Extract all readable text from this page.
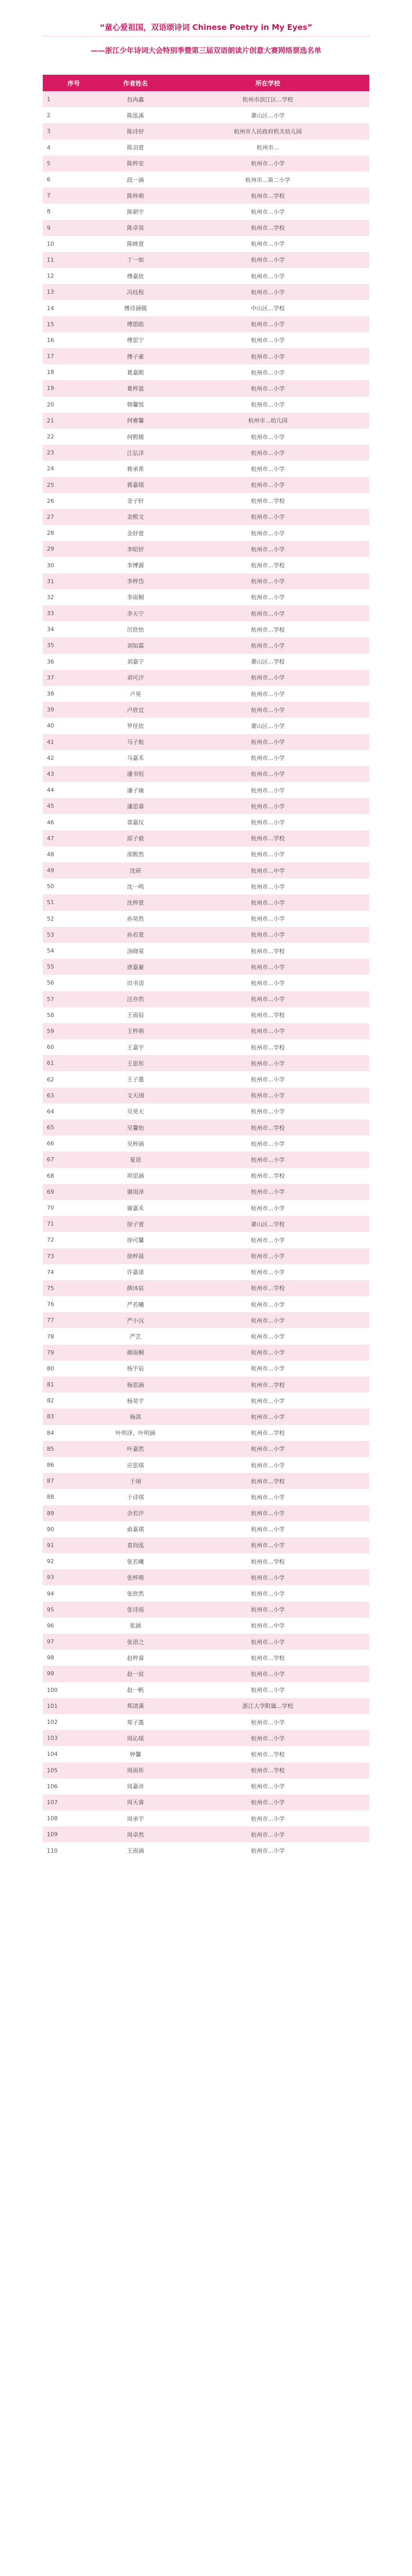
“童心爱祖国，双语颂诗词 Chinese Poetry in My Eyes”
——浙江少年诗词大会特别季暨第三届双语朗读片创意大赛网络票选名单
序号	作者姓名	所在学校
1	包冉鑫	杭州市滨江区...学校
2	陈泓溪	萧山区...小学
3	陈诗妤	杭州市人民政府机关幼儿园
4	陈羽萱	杭州市...
5	陈梓安	杭州市...小学
6	段一涵	杭州市...第二小学
7	陈梓萌	杭州市...学校
8	陈朝宇	杭州市...小学
9	陈卓昊	杭州市...学校
10	陈映萱	杭州市...小学
11	丁一如	杭州市...小学
12	傅嘉依	杭州市...小学
13	冯钰程	杭州市...小学
14	傅诗涵嫣	中山区...学校
15	傅恩皓	杭州市...小学
16	傅思宁	杭州市...小学
17	傅子豪	杭州市...小学
18	葛嘉熙	杭州市...小学
19	葛梓盈	杭州市...小学
20	韩馨悦	杭州市...小学
21	何雅馨	杭州市...幼儿园
22	何熙媛	杭州市...小学
23	江弘洋	杭州市...小学
24	蒋承希	杭州市...小学
25	蒋嘉琪	杭州市...小学
26	金子轩	杭州市...学校
27	金熙文	杭州市...小学
28	金妤萱	杭州市...小学
29	李昭妤	杭州市...小学
30	李博源	杭州市...学校
31	李梓岱	杭州市...小学
32	李雨桐	杭州市...小学
33	李天宁	杭州市...小学
34	厉欣怡	杭州市...学校
35	刘知霖	杭州市...小学
36	刘嘉宁	萧山区...学校
37	刘可汐	杭州市...小学
38	卢昊	杭州市...小学
39	卢欣宜	杭州市...小学
40	罗佳依	萧山区...小学
41	马子航	杭州市...小学
42	马嘉禾	杭州市...小学
43	潘书恒	杭州市...小学
44	潘子瑜	杭州市...小学
45	潘思睿	杭州市...小学
46	裴嘉仪	杭州市...小学
47	邱子毅	杭州市...学校
48	邵熙然	杭州市...小学
49	沈研	杭州市...中学
50	沈一鸣	杭州市...小学
51	沈梓萱	杭州市...小学
52	孙昊然	杭州市...小学
53	孙若萱	杭州市...小学
54	汤晓棠	杭州市...学校
55	唐嘉豪	杭州市...小学
56	田书语	杭州市...小学
57	汪亦然	杭州市...小学
58	王雨辰	杭州市...学校
59	王梓萌	杭州市...小学
60	王嘉宇	杭州市...学校
61	王思彤	杭州市...小学
62	王子墨	杭州市...小学
63	文天翊	杭州市...小学
64	吴昊天	杭州市...小学
65	吴馨怡	杭州市...学校
66	吴梓涵	杭州市...小学
67	夏语	杭州市...小学
68	项思涵	杭州市...学校
69	谢雨泽	杭州市...小学
70	谢嘉禾	杭州市...小学
71	徐子萱	萧山区...学校
72	徐可馨	杭州市...小学
73	徐梓晨	杭州市...小学
74	许嘉诺	杭州市...小学
75	薛沐宸	杭州市...学校
76	严若曦	杭州市...小学
77	严小沅	杭州市...小学
78	严艺	杭州市...小学
79	颜雨桐	杭州市...小学
80	杨宇辰	杭州市...小学
81	杨思涵	杭州市...学校
82	杨昊宇	杭州市...小学
83	杨淇	杭州市...小学
84	叶明泽，叶明涵	杭州市...学校
85	叶嘉然	杭州市...小学
86	应思琪	杭州市...小学
87	于翊	杭州市...学校
88	于诗琪	杭州市...小学
89	余若汐	杭州市...小学
90	俞嘉祺	杭州市...小学
91	袁钧泓	杭州市...小学
92	张若曦	杭州市...学校
93	张梓萌	杭州市...小学
94	张欣然	杭州市...小学
95	张诗雨	杭州市...小学
96	张涵	杭州市...中学
97	张语之	杭州市...小学
98	赵梓睿	杭州市...学校
99	赵一宸	杭州市...小学
100	赵一帆	杭州市...小学
101	郑清溪	浙江大学附属...学校
102	郑子墨	杭州市...小学
103	周沁瑶	杭州市...小学
104	钟馨	杭州市...学校
105	周雨彤	杭州市...学校
106	周嘉彦	杭州市...小学
107	周天睿	杭州市...小学
108	周承宇	杭州市...小学
109	周卓然	杭州市...小学
110	王雨涵	杭州市...小学
